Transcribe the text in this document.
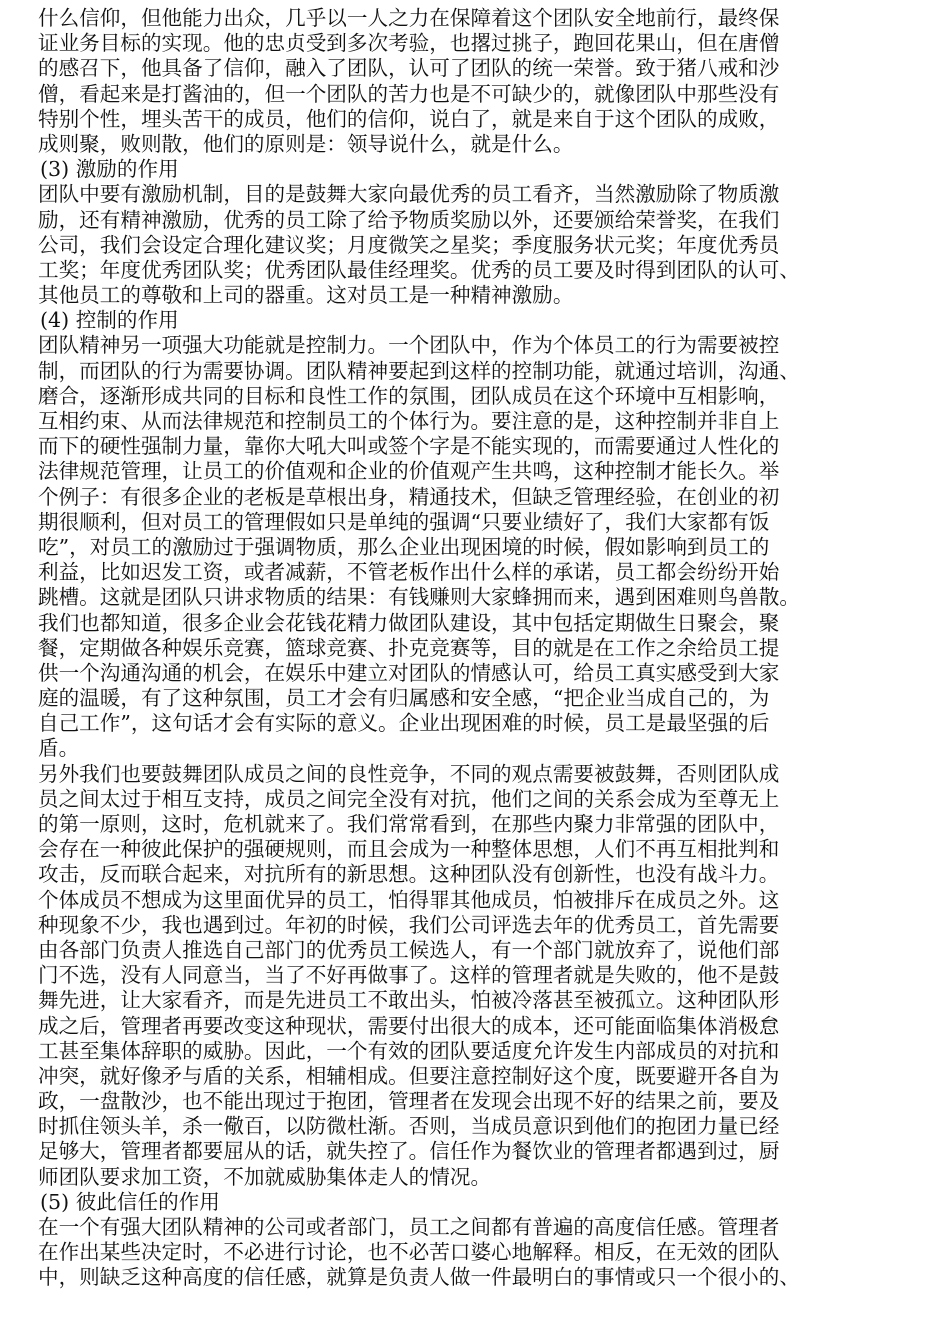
什么信仰，但他能力出众，几乎以一人之力在保障着这个团队安全地前行，最终保
证业务目标的实现。他的忠贞受到多次考验，也撂过挑子，跑回花果山，但在唐僧
的感召下，他具备了信仰，融入了团队，认可了团队的统一荣誉。致于猪八戒和沙
僧，看起来是打酱油的，但一个团队的苦力也是不可缺少的，就像团队中那些没有
特别个性，埋头苦干的成员，他们的信仰，说白了，就是来自于这个团队的成败，
成则聚，败则散，他们的原则是：领导说什么，就是什么。
(3) 激励的作用
团队中要有激励机制，目的是鼓舞大家向最优秀的员工看齐，当然激励除了物质激
励，还有精神激励，优秀的员工除了给予物质奖励以外，还要颁给荣誉奖，在我们
公司，我们会设定合理化建议奖；月度微笑之星奖；季度服务状元奖；年度优秀员
工奖；年度优秀团队奖；优秀团队最佳经理奖。优秀的员工要及时得到团队的认可、
其他员工的尊敬和上司的器重。这对员工是一种精神激励。
(4) 控制的作用
团队精神另一项强大功能就是控制力。一个团队中，作为个体员工的行为需要被控
制，而团队的行为需要协调。团队精神要起到这样的控制功能，就通过培训，沟通、
磨合，逐渐形成共同的目标和良性工作的氛围，团队成员在这个环境中互相影响，
互相约束、从而法律规范和控制员工的个体行为。要注意的是，这种控制并非自上
而下的硬性强制力量，靠你大吼大叫或签个字是不能实现的，而需要通过人性化的
法律规范管理，让员工的价值观和企业的价值观产生共鸣，这种控制才能长久。举
个例子：有很多企业的老板是草根出身，精通技术，但缺乏管理经验，在创业的初
期很顺利，但对员工的管理假如只是单纯的强调“只要业绩好了，我们大家都有饭
吃”，对员工的激励过于强调物质，那么企业出现困境的时候，假如影响到员工的
利益，比如迟发工资，或者减薪，不管老板作出什么样的承诺，员工都会纷纷开始
跳槽。这就是团队只讲求物质的结果：有钱赚则大家蜂拥而来，遇到困难则鸟兽散。
我们也都知道，很多企业会花钱花精力做团队建设，其中包括定期做生日聚会，聚
餐，定期做各种娱乐竞赛，篮球竞赛、扑克竞赛等，目的就是在工作之余给员工提
供一个沟通沟通的机会，在娱乐中建立对团队的情感认可，给员工真实感受到大家
庭的温暖，有了这种氛围，员工才会有归属感和安全感，“把企业当成自己的，为
自己工作”，这句话才会有实际的意义。企业出现困难的时候，员工是最坚强的后
盾。
另外我们也要鼓舞团队成员之间的良性竞争，不同的观点需要被鼓舞，否则团队成
员之间太过于相互支持，成员之间完全没有对抗，他们之间的关系会成为至尊无上
的第一原则，这时，危机就来了。我们常常看到，在那些内聚力非常强的团队中，
会存在一种彼此保护的强硬规则，而且会成为一种整体思想，人们不再互相批判和
攻击，反而联合起来，对抗所有的新思想。这种团队没有创新性，也没有战斗力。
个体成员不想成为这里面优异的员工，怕得罪其他成员，怕被排斥在成员之外。这
种现象不少，我也遇到过。年初的时候，我们公司评选去年的优秀员工，首先需要
由各部门负责人推选自己部门的优秀员工候选人，有一个部门就放弃了，说他们部
门不选，没有人同意当，当了不好再做事了。这样的管理者就是失败的，他不是鼓
舞先进，让大家看齐，而是先进员工不敢出头，怕被冷落甚至被孤立。这种团队形
成之后，管理者再要改变这种现状，需要付出很大的成本，还可能面临集体消极怠
工甚至集体辞职的威胁。因此，一个有效的团队要适度允许发生内部成员的对抗和
冲突，就好像矛与盾的关系，相辅相成。但要注意控制好这个度，既要避开各自为
政，一盘散沙，也不能出现过于抱团，管理者在发现会出现不好的结果之前，要及
时抓住领头羊，杀一儆百，以防微杜渐。否则，当成员意识到他们的抱团力量已经
足够大，管理者都要屈从的话，就失控了。信任作为餐饮业的管理者都遇到过，厨
师团队要求加工资，不加就威胁集体走人的情况。
(5) 彼此信任的作用
在一个有强大团队精神的公司或者部门，员工之间都有普遍的高度信任感。管理者
在作出某些决定时，不必进行讨论，也不必苦口婆心地解释。相反，在无效的团队
中，则缺乏这种高度的信任感，就算是负责人做一件最明白的事情或只一个很小的、
